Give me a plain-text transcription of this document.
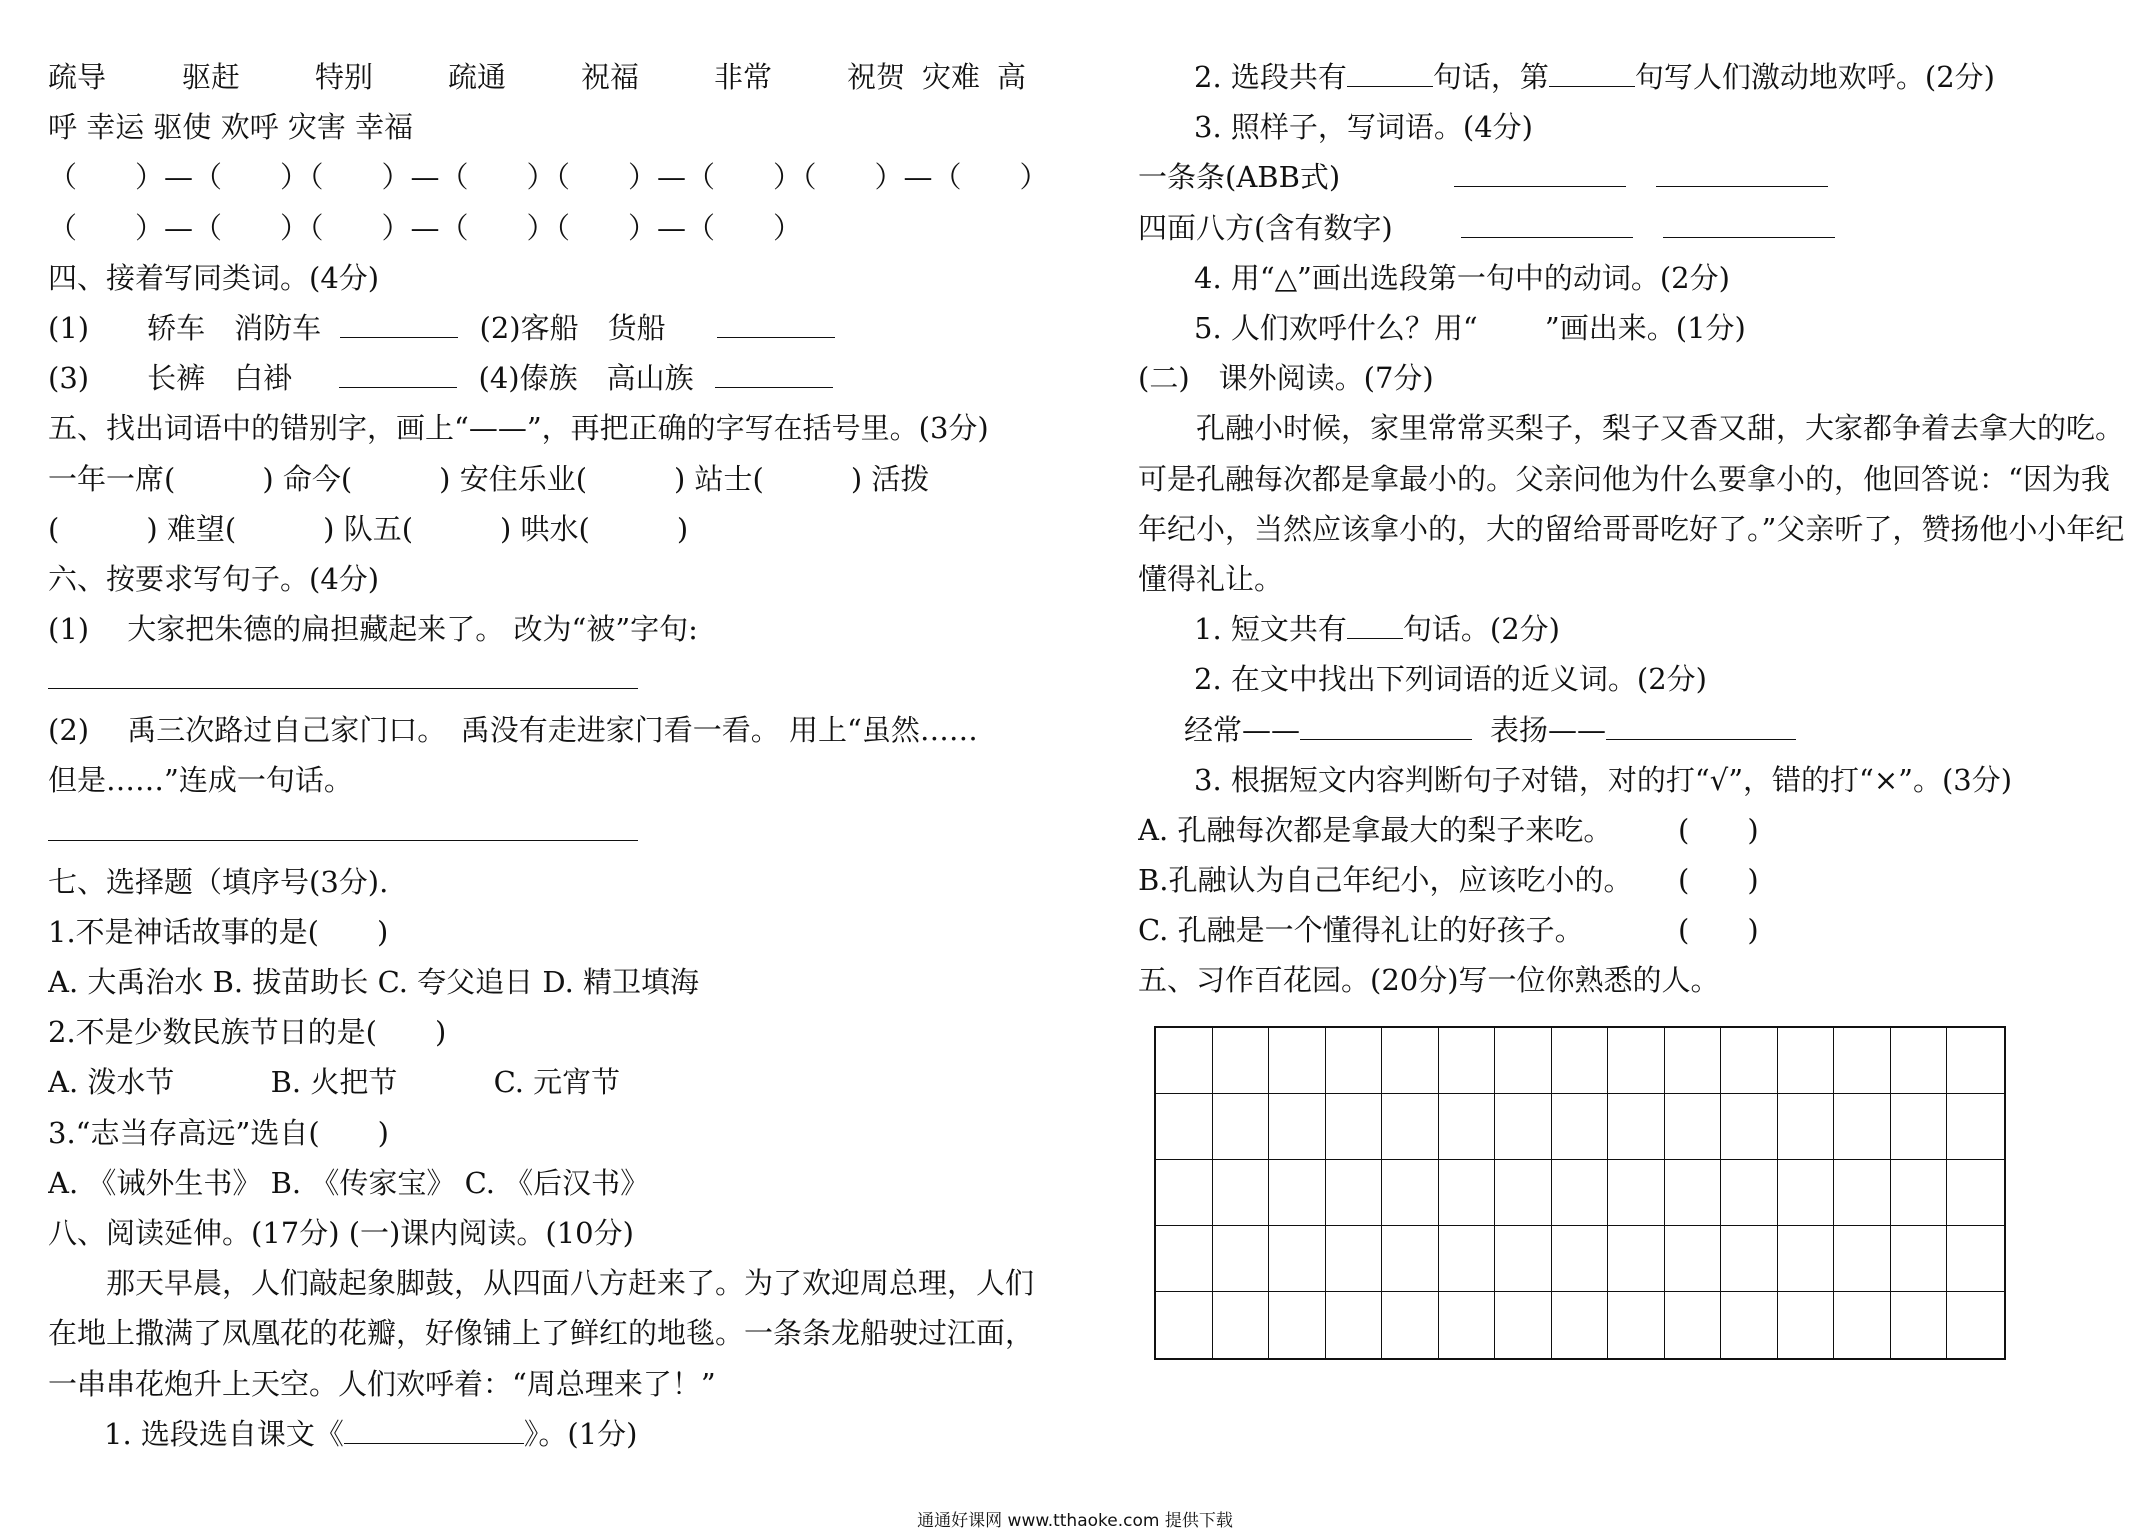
疏导	驱赶	特别	疏通	祝福	非常	祝贺 灾难 高
呼 幸运 驱使 欢呼 灾害 幸福
（　　）—（　　）（　　）—（　　）（　　）—（　　）（　　）—（　　）
（　　）—（　　）（　　）—（　　）（　　）—（　　）
四、接着写同类词。(4分)
(1)　　轿车　消防车	(2)客船　货船
(3)　　长裤　白褂	(4)傣族　高山族
五、找出词语中的错别字，画上“——”，再把正确的字写在括号里。(3分)
一年一席(　　　) 命今(　　　) 安住乐业(　　　) 站士(　　　) 活拨
(　　　) 难望(　　　) 队五(　　　) 哄水(　　　)
六、按要求写句子。(4分)
(1)　 大家把朱德的扁担藏起来了。 改为“被”字句:
(2)　 禹三次路过自己家门口。　禹没有走进家门看一看。 用上“虽然……
但是……”连成一句话。
七、选择题（填序号(3分).
1.不是神话故事的是(　　)
A. 大禹治水 B. 拔苗助长 C. 夸父追日 D. 精卫填海
2.不是少数民族节日的是(　　)
A. 泼水节　　　 B. 火把节　　　 C. 元宵节
3.“志当存高远”选自(　　)
A. 《诫外生书》 B. 《传家宝》 C. 《后汉书》
八、阅读延伸。(17分) (一)课内阅读。(10分)
那天早晨，人们敲起象脚鼓，从四面八方赶来了。为了欢迎周总理，人们在地上撒满了凤凰花的花瓣，好像铺上了鲜红的地毯。一条条龙船驶过江面，一串串花炮升上天空。人们欢呼着：“周总理来了！”
1. 选段选自课文《	》。(1分)
2. 选段共有	句话，第	句写人们激动地欢呼。(2分)
3. 照样子，写词语。(4分)
一条条(ABB式)
四面八方(含有数字)
4. 用“△”画出选段第一句中的动词。(2分)
5. 人们欢呼什么？用“　　 ”画出来。(1分)
(二)　课外阅读。(7分)
孔融小时候，家里常常买梨子，梨子又香又甜，大家都争着去拿大的吃。可是孔融每次都是拿最小的。父亲问他为什么要拿小的，他回答说：“因为我年纪小，当然应该拿小的，大的留给哥哥吃好了。”父亲听了，赞扬他小小年纪懂得礼让。
1. 短文共有 句话。(2分)
2. 在文中找出下列词语的近义词。(2分)
经常——	表扬——
3. 根据短文内容判断句子对错，对的打“√”，错的打“×”。(3分)
A. 孔融每次都是拿最大的梨子来吃。 (　　)
B.孔融认为自己年纪小，应该吃小的。 (　　)
C. 孔融是一个懂得礼让的好孩子。	(　　)
五、习作百花园。(20分)写一位你熟悉的人。
通通好课网 www.tthaoke.com 提供下载
